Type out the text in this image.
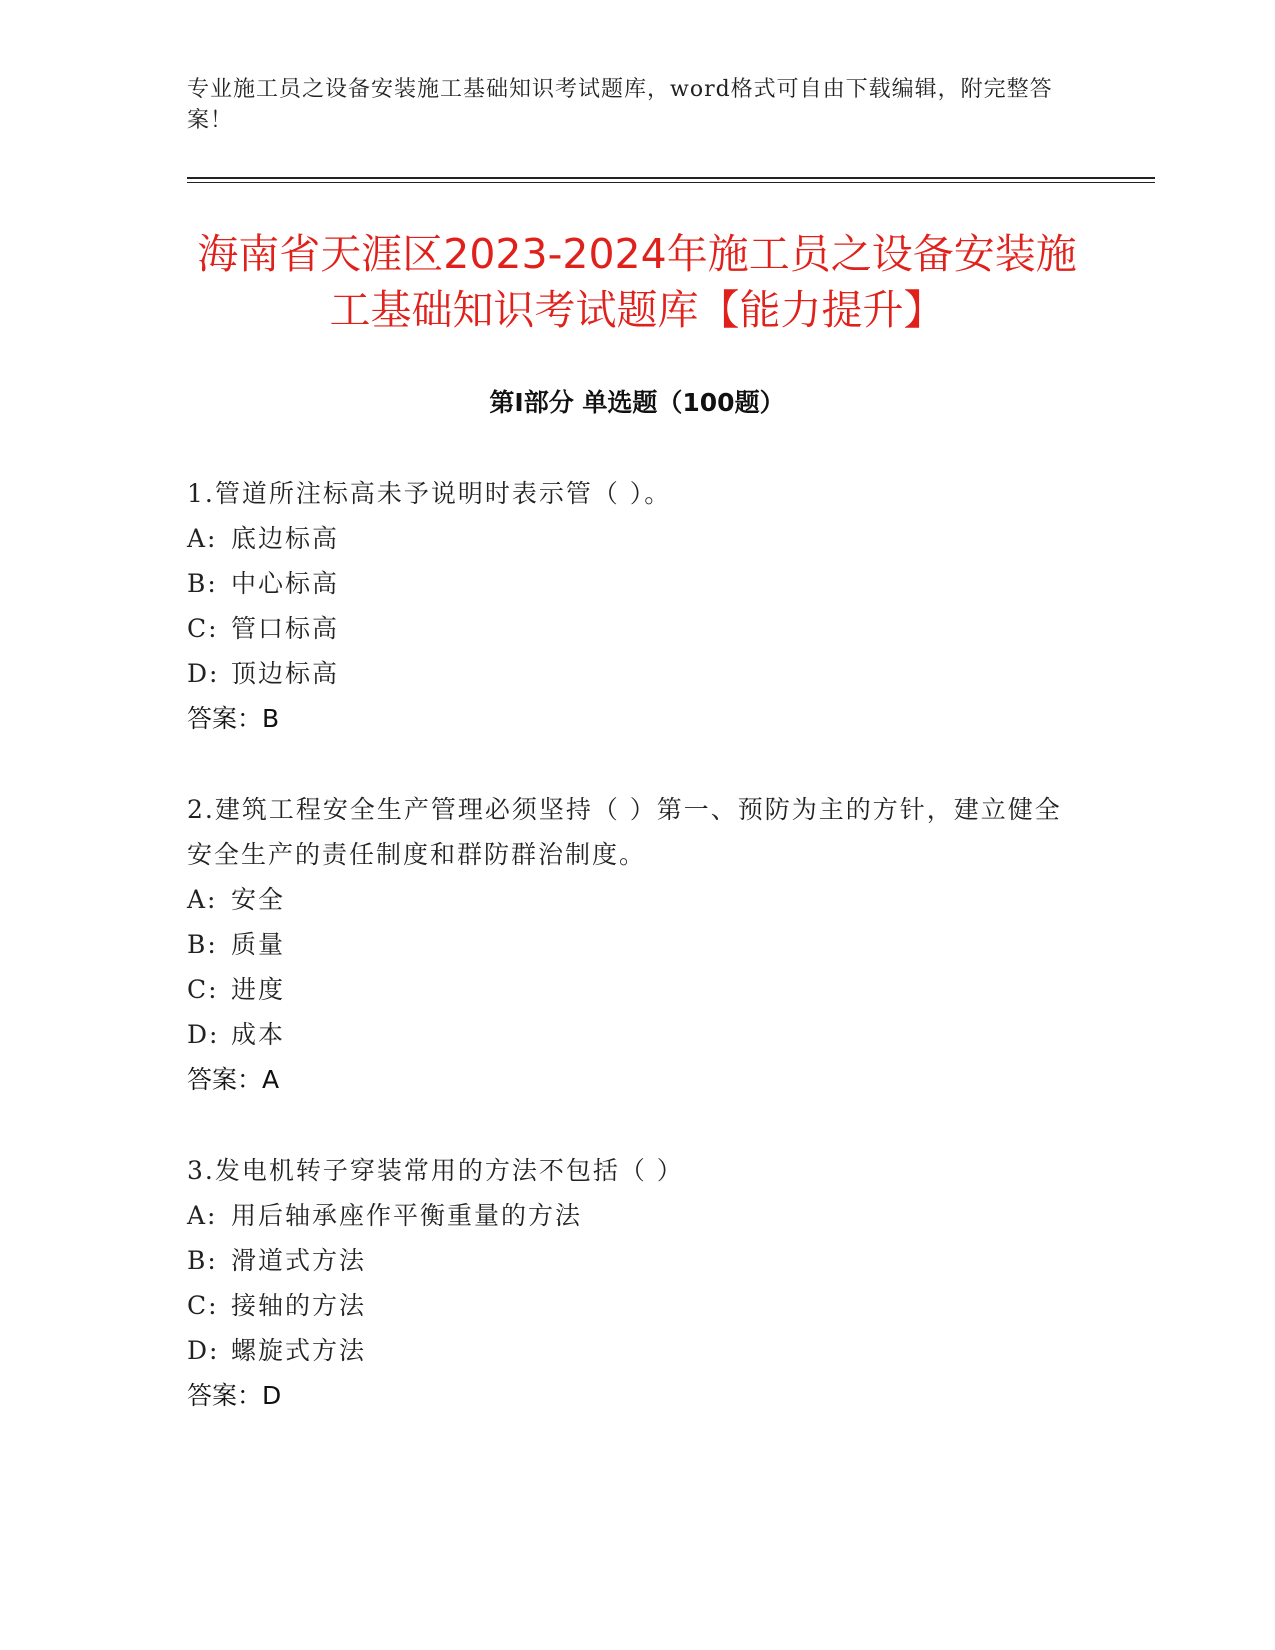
专业施工员之设备安装施工基础知识考试题库，word格式可自由下载编辑，附完整答案！
海南省天涯区2023-2024年施工员之设备安装施工基础知识考试题库【能力提升】
第Ⅰ部分 单选题（100题）
1.管道所注标高未予说明时表示管（ ）。
A: 底边标高
B: 中心标高
C: 管口标高
D: 顶边标高
答案：B
2.建筑工程安全生产管理必须坚持（ ）第一、预防为主的方针，建立健全安全生产的责任制度和群防群治制度。
A: 安全
B: 质量
C: 进度
D: 成本
答案：A
3.发电机转子穿装常用的方法不包括（ ）
A: 用后轴承座作平衡重量的方法
B: 滑道式方法
C: 接轴的方法
D: 螺旋式方法
答案：D
